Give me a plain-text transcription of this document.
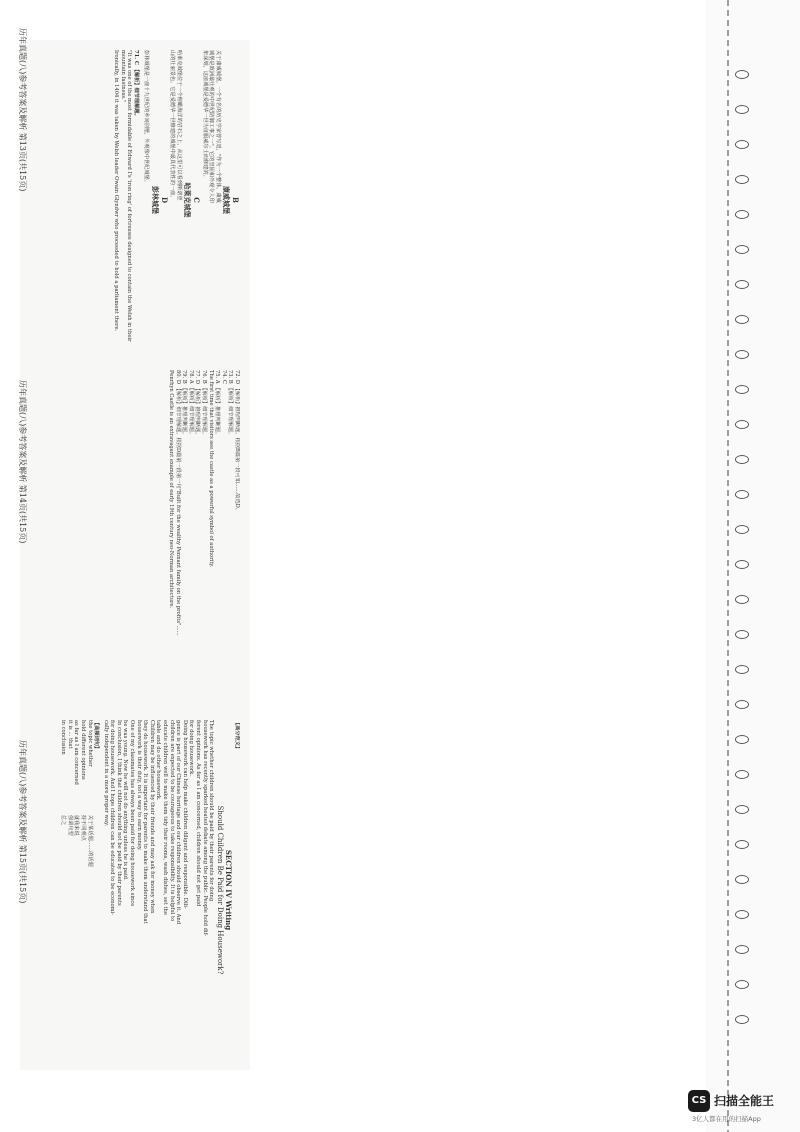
B
康威城堡
关于康威城堡，一个有名的历史学家曾写道，"作为一个整体，康威
城堡是欧洲最壮观的中世纪防御工事之一"。它的坚固和外观令人印
象深刻，这座城堡是爱德华一世为征服威尔士而修建的。
C
哈莱克城堡
哈莱克城堡位于一个俯瞰海洋的岩石之上，从这里可以看到斯诺登
山的壮丽景色。它是爱德华一世修建的城堡中最具代表性的一座。
D
彭林城堡
彭林城堡是一座十九世纪的乡间别墅，外观像中世纪城堡。
71. C 【解析】细节理解题。
"It was one of the most formidable of Edward I's 'iron ring' of fortresses designed to contain the Welsh in their mountain fastness."
Ironically, in 1404 it was taken by Welsh leader Owain Glyndwr who proceeded to hold a parliament there.
72. D 【解析】推理判断题。根据B篇第一段可知……故选D。
73. B 【解析】细节理解题。
74. C
75. A 【解析】推理判断题。
The first time that visitors see the castle as a powerful symbol of authority.
76. B 【解析】细节理解题。
77. D 【解析】推理判断题。
78. A 【解析】细节理解题。
79. B 【解析】推理判断题。
80. D 【解析】细节理解题。根据D篇第一段第一句"Built for the wealthy Pennant family on the profits"……
Penrhyn Castle is an extravagant example of early 19th century neo-Norman architecture.
【高分范文】
SECTION IV Writing
Should Children Be Paid for Doing Housework?
The topic whether children should be paid by their parents for doing
housework has recently sparked heated debate among the public. People hold dif-
ferent opinions. As far as I am concerned, children should not get paid
for doing housework.
Doing housework can help make children diligent and responsible. Dili-
gence is part of our Chinese heritage and our children should observe it. And
children are expected to be courageous to take responsibility. It is helpful to
educate children well to make them tidy their rooms, wash dishes, set the
table and do other housework.
Children may be influenced by their friends and may ask for money when
they do housework. It is important for parents to make them understand that
housework is their duty, not a way to earn money.
One of my classmates has always been paid for doing housework since
he was young. Now he will not do anything unless he is paid.
In conclusion, I think that children should not be paid by their parents
for doing housework. And I hope children can be educated to be economi-
cally independent in a more proper way.
【高频词句】
the topic whether
hold different opinions
as far as I am concerned
it is ... that
in conclusion
关于某话题……的话题
持不同观点
就我来说
强调句型
总之
历年真题(八)参考答案及解析 第13页(共15页)
历年真题(八)参考答案及解析 第14页(共15页)
历年真题(八)参考答案及解析 第15页(共15页)
CS 扫描全能王
3亿人都在用的扫描App
